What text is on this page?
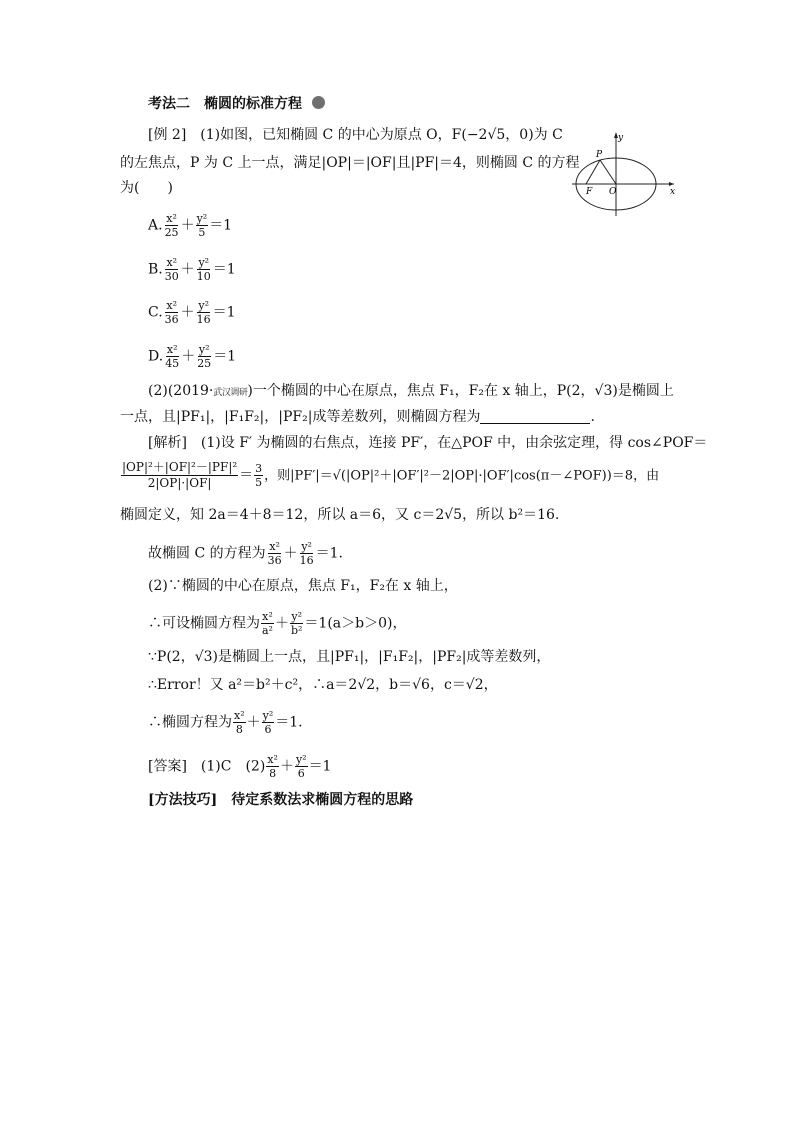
考法二　椭圆的标准方程
[例 2]　(1)如图，已知椭圆 C 的中心为原点 O，F(−2√5，0)为 C
的左焦点，P 为 C 上一点，满足|OP|＝|OF|且|PF|＝4，则椭圆 C 的方程
为(　　)
y
x
P
F O
A. $\frac{\text{x²}}{25} + \frac{\text{y²}}{5} =1$
B. $\frac{\text{x²}}{30} + \frac{\text{y²}}{10} =1$
C. $\frac{\text{x²}}{36} + \frac{\text{y²}}{16} =1$
D. $\frac{\text{x²}}{45} + \frac{\text{y²}}{25} =1$
(2)(2019·武汉调研)一个椭圆的中心在原点，焦点 F₁，F₂在 x 轴上，P(2，√3)是椭圆上
一点，且|PF₁|，|F₁F₂|，|PF₂|成等差数列，则椭圆方程为	.
[解析]　(1)设 F′ 为椭圆的右焦点，连接 PF′，在△POF 中，由余弦定理，得 cos∠POF＝
$\frac{\text{|OP|²＋|OF|²－|PF|²}}{2|OP|\cdot|OF|} = \frac{3}{5}$ ，则|PF′|＝√(|OP|²＋|OF′|²－2|OP|·|OF′|cos(π－∠POF))＝8，由
椭圆定义，知 2a＝4＋8＝12，所以 a＝6，又 c＝2√5，所以 b²＝16.
故椭圆 C 的方程为 $\frac{\text{x²}}{36} + \frac{\text{y²}}{16} =1$.
(2)∵椭圆的中心在原点，焦点 F₁，F₂在 x 轴上，
∴可设椭圆方程为 $\frac{\text{x²}}{\text{a²}} + \frac{\text{y²}}{\text{b²}} =1(a>b>0)$，
∵P(2，√3)是椭圆上一点，且|PF₁|，|F₁F₂|，|PF₂|成等差数列，
∴Error！又 a²＝b²＋c²，∴a＝2√2，b＝√6，c＝√2，
∴椭圆方程为 $\frac{\text{x²}}{8} + \frac{\text{y²}}{6} =1$.
[答案]　(1)C　$(2) \frac{\text{x²}}{8} + \frac{\text{y²}}{6} =1$
[方法技巧]　待定系数法求椭圆方程的思路
